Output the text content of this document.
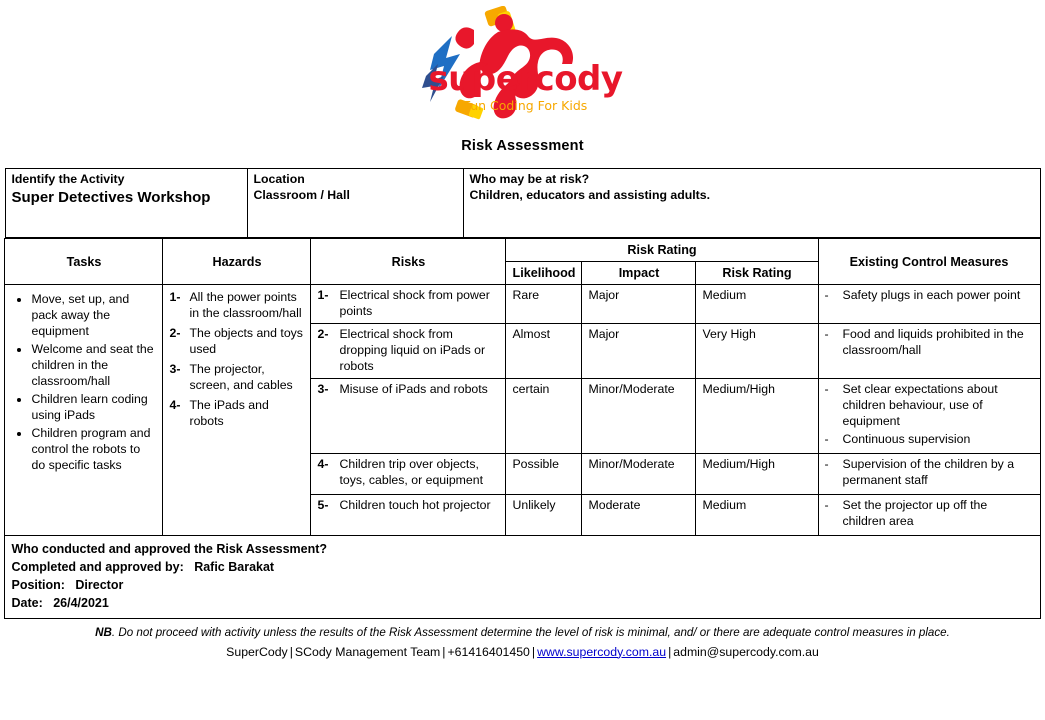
supercody
Fun Coding For Kids
Risk Assessment
Identify the Activity
Super Detectives Workshop

Location
Classroom / Hall

Who may be at risk?
Children, educators and assisting adults.
Tasks	Hazards	Risks	Risk Rating			Existing Control Measures
			Likelihood	Impact	Risk Rating	

• Move, set up, and pack away the equipment
• Welcome and seat the children in the classroom/hall
• Children learn coding using iPads
• Children program and control the robots to do specific tasks

1- All the power points in the classroom/hall
2- The objects and toys used
3- The projector, screen, and cables
4- The iPads and robots

1- Electrical shock from power points
	Rare	Major	Medium	-	Safety plugs in each power point

		2- Electrical shock from dropping liquid on iPads or robots	Almost	Major	Very High	- Food and liquids prohibited in the classroom/hall

3- Misuse of iPads and robots	certain	Minor/Moderate	Medium/High	-	Set clear expectations about children behaviour, use of equipment
-	Continuous supervision

		4- Children trip over objects, toys, cables, or equipment	Possible	Minor/Moderate	Medium/High	- Supervision of the children by a permanent staff

		5- Children touch hot projector	Unlikely	Moderate	Medium	- Set the projector up off the children area

Who conducted and approved the Risk Assessment?
Completed and approved by: Rafic Barakat
Position: Director
Date: 26/4/2021						
NB. Do not proceed with activity unless the results of the Risk Assessment determine the level of risk is minimal, and/ or there are adequate control measures in place.
SuperCody | SCody Management Team | +61416401450 | www.supercody.com.au | admin@supercody.com.au
